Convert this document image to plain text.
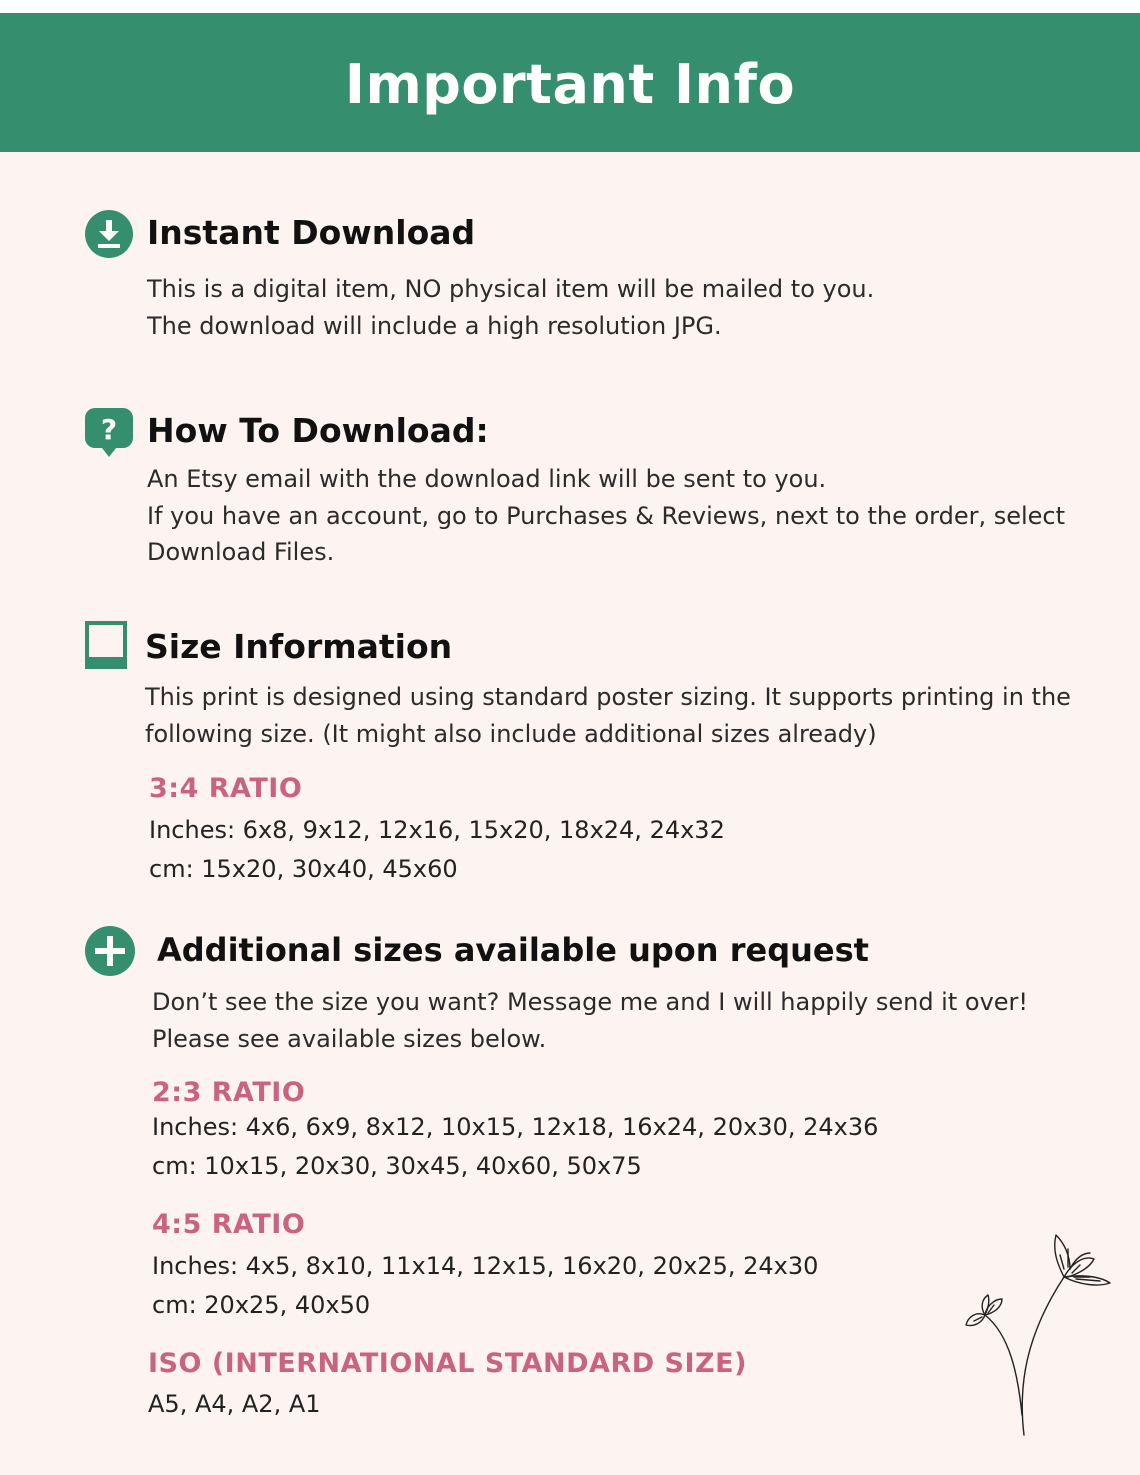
Important Info
Instant Download
This is a digital item, NO physical item will be mailed to you.
The download will include a high resolution JPG.
? How To Download:
An Etsy email with the download link will be sent to you.
If you have an account, go to Purchases & Reviews, next to the order, select
Download Files.
Size Information
This print is designed using standard poster sizing. It supports printing in the
following size. (It might also include additional sizes already)
3:4 RATIO
Inches: 6x8, 9x12, 12x16, 15x20, 18x24, 24x32
cm: 15x20, 30x40, 45x60
Additional sizes available upon request
Don’t see the size you want? Message me and I will happily send it over!
Please see available sizes below.
2:3 RATIO
Inches: 4x6, 6x9, 8x12, 10x15, 12x18, 16x24, 20x30, 24x36
cm: 10x15, 20x30, 30x45, 40x60, 50x75
4:5 RATIO
Inches: 4x5, 8x10, 11x14, 12x15, 16x20, 20x25, 24x30
cm: 20x25, 40x50
ISO (INTERNATIONAL STANDARD SIZE)
A5, A4, A2, A1
